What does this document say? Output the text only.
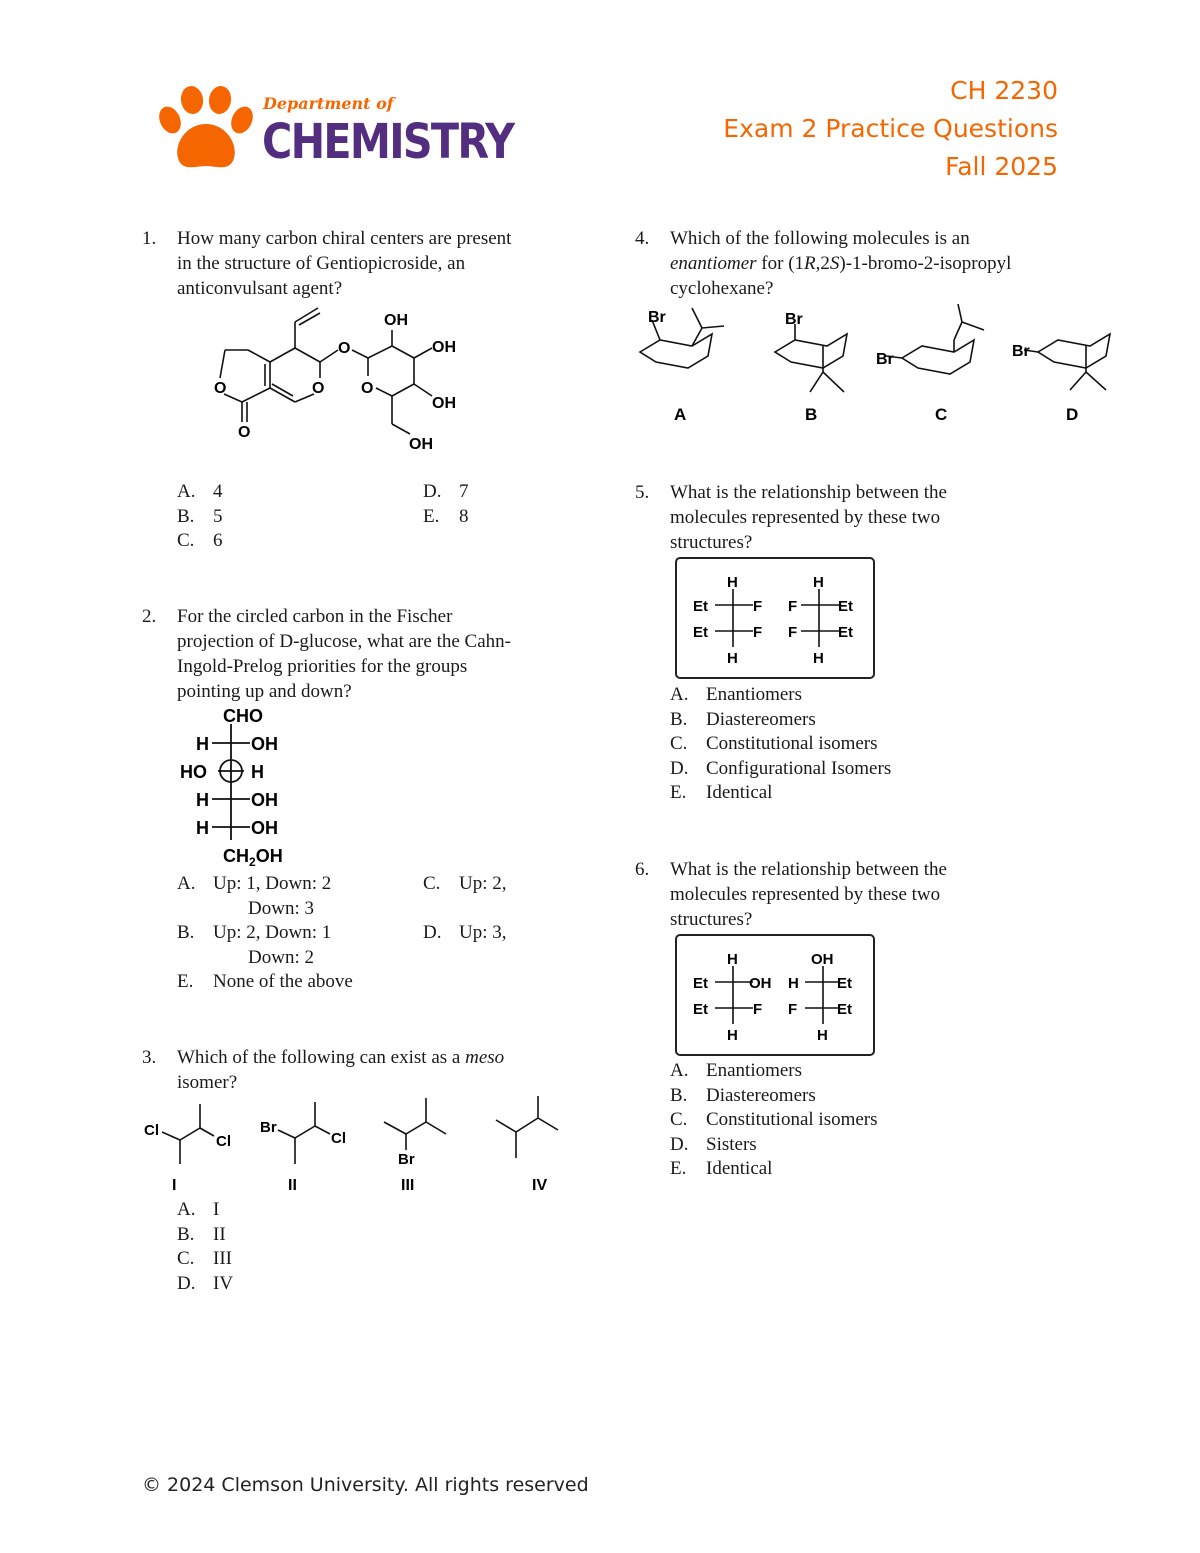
Department of
CHEMISTRY
CH 2230
Exam 2 Practice Questions
Fall 2025
1.	How many carbon chiral centers are present
in the structure of Gentiopicroside, an
anticonvulsant agent?
O
O
O
O
O
OH
OH
OH
OH
A. 4
B. 5
C. 6
D. 7
E. 8
2.	For the circled carbon in the Fischer
projection of D-glucose, what are the Cahn-
Ingold-Prelog priorities for the groups
pointing up and down?
CHO
H OH
HO H
H OH
H OH
$CH_2OH$
A. Up: 1, Down: 2

B. Up: 2, Down: 1

E. None of the above
C. Up: 2,
Down: 3
D. Up: 3,
Down: 2
3.	Which of the following can exist as a meso
isomer?
Cl
Cl
Br
Cl
Br
I	II	III	IV
A. I
B. II
C. III
D. IV
4.	Which of the following molecules is an
enantiomer for (1R,2S)-1-bromo-2-isopropyl
cyclohexane?
Br	Br
Br	Br
A	B	C	D
5.	What is the relationship between the
molecules represented by these two
structures?
H
Et	F
Et	F
H
H
F	Et
F	Et
H
A. Enantiomers
B. Diastereomers
C. Constitutional isomers
D. Configurational Isomers
E. Identical
6.	What is the relationship between the
molecules represented by these two
structures?
H
Et	OH
Et	F
H
OH
H	Et
F	Et
H
A. Enantiomers
B. Diastereomers
C. Constitutional isomers
D. Sisters
E. Identical
© 2024 Clemson University. All rights reserved
